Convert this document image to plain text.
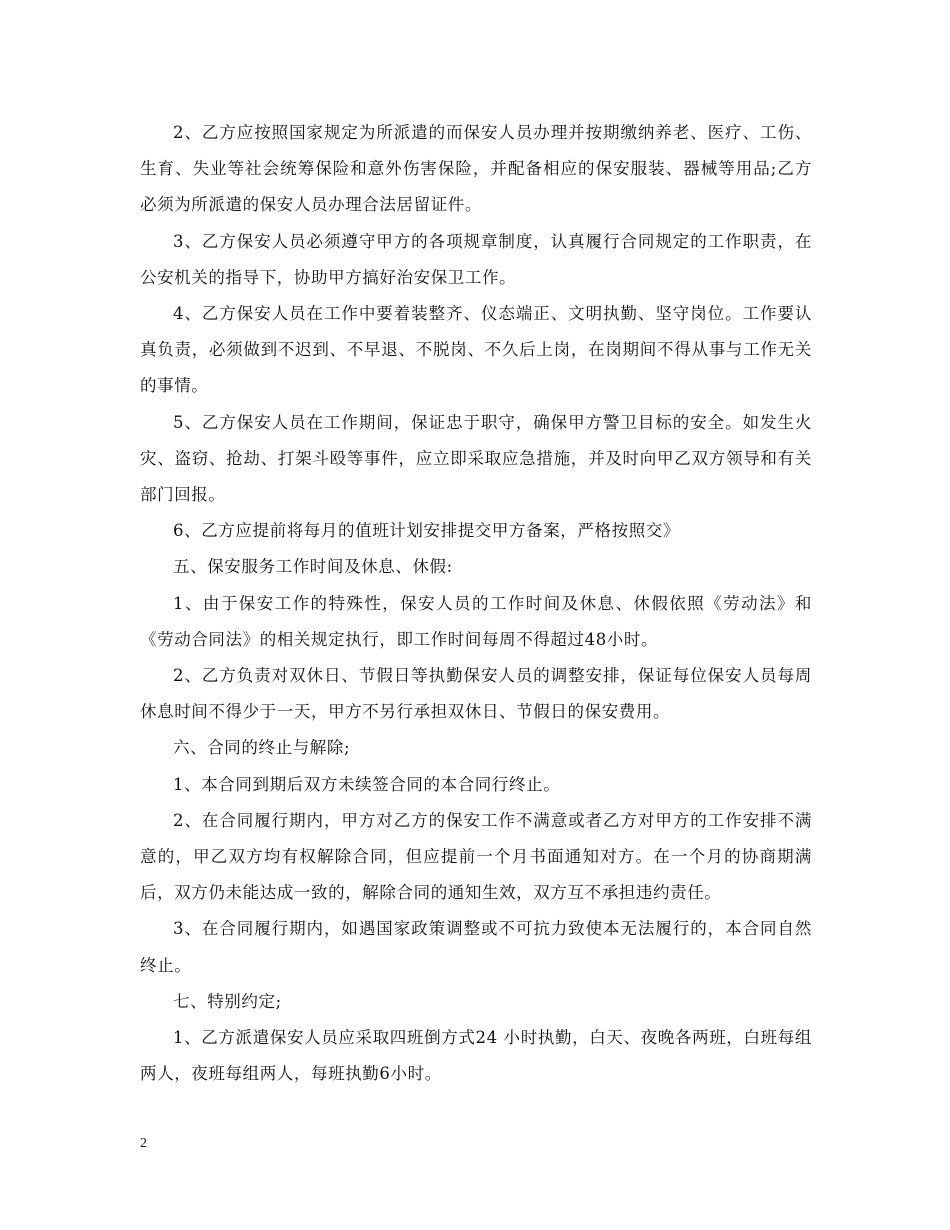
2、乙方应按照国家规定为所派遣的而保安人员办理并按期缴纳养老、医疗、工伤、生育、失业等社会统筹保险和意外伤害保险，并配备相应的保安服装、器械等用品;乙方必须为所派遣的保安人员办理合法居留证件。

3、乙方保安人员必须遵守甲方的各项规章制度，认真履行合同规定的工作职责，在公安机关的指导下，协助甲方搞好治安保卫工作。

4、乙方保安人员在工作中要着装整齐、仪态端正、文明执勤、坚守岗位。工作要认真负责，必须做到不迟到、不早退、不脱岗、不久后上岗，在岗期间不得从事与工作无关的事情。

5、乙方保安人员在工作期间，保证忠于职守，确保甲方警卫目标的安全。如发生火灾、盗窃、抢劫、打架斗殴等事件，应立即采取应急措施，并及时向甲乙双方领导和有关部门回报。

6、乙方应提前将每月的值班计划安排提交甲方备案，严格按照交》

五、保安服务工作时间及休息、休假:

1、由于保安工作的特殊性，保安人员的工作时间及休息、休假依照《劳动法》和《劳动合同法》的相关规定执行，即工作时间每周不得超过48小时。

2、乙方负责对双休日、节假日等执勤保安人员的调整安排，保证每位保安人员每周休息时间不得少于一天，甲方不另行承担双休日、节假日的保安费用。

六、合同的终止与解除;

1、本合同到期后双方未续签合同的本合同行终止。

2、在合同履行期内，甲方对乙方的保安工作不满意或者乙方对甲方的工作安排不满意的，甲乙双方均有权解除合同，但应提前一个月书面通知对方。在一个月的协商期满后，双方仍未能达成一致的，解除合同的通知生效，双方互不承担违约责任。

3、在合同履行期内，如遇国家政策调整或不可抗力致使本无法履行的，本合同自然终止。

七、特别约定;

1、乙方派遣保安人员应采取四班倒方式24 小时执勤，白天、夜晚各两班，白班每组两人，夜班每组两人，每班执勤6小时。

2
